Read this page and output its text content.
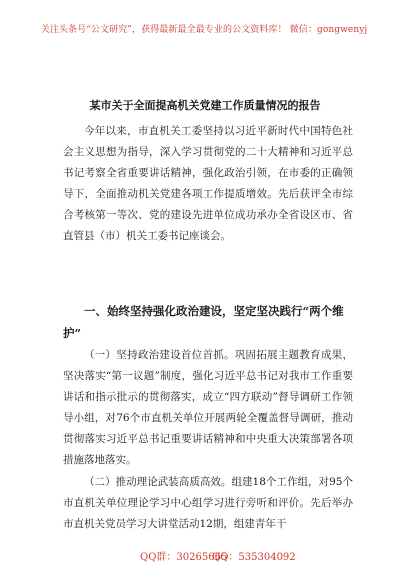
关注头条号“公文研究”，获得最新最全最专业的公文资料库！ 微信：gongwenyj
某市关于全面提高机关党建工作质量情况的报告

今年以来，市直机关工委坚持以习近平新时代中国特色社会主义思想为指导，深入学习贯彻党的二十大精神和习近平总书记考察全省重要讲话精神，强化政治引领，在市委的正确领导下，全面推动机关党建各项工作提质增效。先后获评全市综合考核第一等次、党的建设先进单位成功承办全省设区市、省直管县（市）机关工委书记座谈会。

一、始终坚持强化政治建设，坚定坚决践行“两个维护”

（一）坚持政治建设首位首抓。巩固拓展主题教育成果，坚决落实“第一议题”制度，强化习近平总书记对我市工作重要讲话和指示批示的贯彻落实，成立“四方联动”督导调研工作领导小组，对76个市直机关单位开展两轮全覆盖督导调研，推动贯彻落实习近平总书记重要讲话精神和中央重大决策部署各项措施落地落实。

（二）推动理论武装高质高效。组建18个工作组，对95个市直机关单位理论学习中心组学习进行旁听和评价。先后举办市直机关党员学习大讲堂活动12期，组建青年干

QQ群：30265665
QQ：535304092
